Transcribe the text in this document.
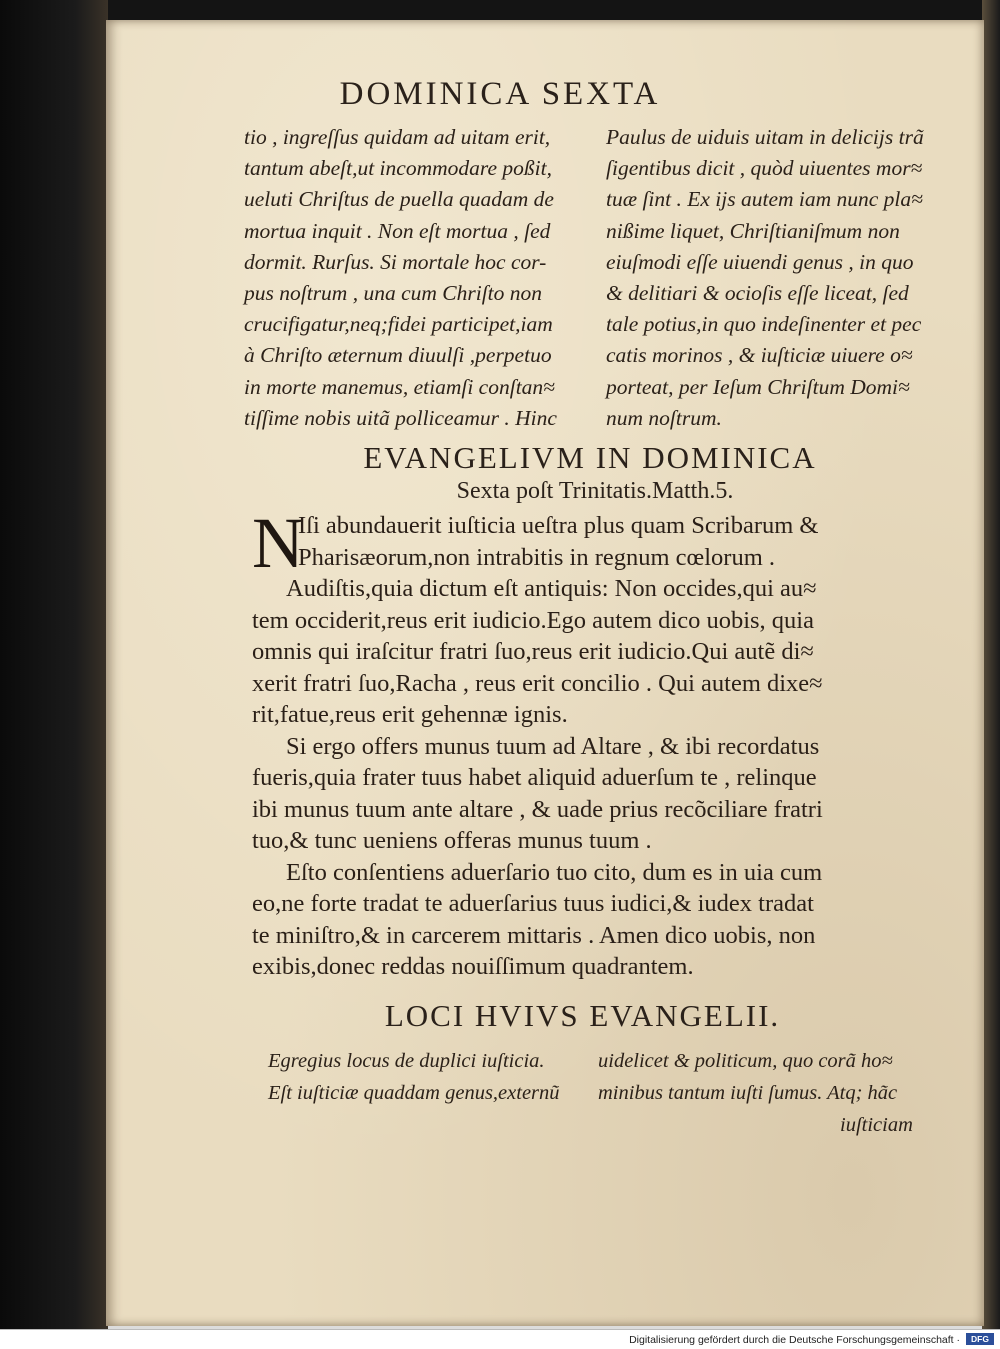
DOMINICA SEXTA
tio , ingreſſus quidam ad uitam erit,
tantum abeſt,ut incommodare poßit,
ueluti Chriſtus de puella quadam de
mortua inquit . Non eſt mortua , ſed
dormit. Rurſus. Si mortale hoc cor-
pus noſtrum , una cum Chriſto non
crucifigatur,neq;fidei participet,iam
à Chriſto æternum diuulſi ,perpetuo
in morte manemus, etiamſi conſtan≈
tiſſime nobis uitã polliceamur . Hinc
Paulus de uiduis uitam in delicijs trã
ſigentibus dicit , quòd uiuentes mor≈
tuæ ſint . Ex ijs autem iam nunc pla≈
nißime liquet, Chriſtianiſmum non
eiuſmodi eſſe uiuendi genus , in quo
& delitiari & ocioſis eſſe liceat, ſed
tale potius,in quo indeſinenter et pec
catis morinos , & iuſticiæ uiuere o≈
porteat, per Ieſum Chriſtum Domi≈
num noſtrum.
EVANGELIVM IN DOMINICA
Sexta poſt Trinitatis.Matth.5.
N
Iſi abundauerit iuſticia ueſtra plus quam Scribarum &
Pharisæorum,non intrabitis in regnum cœlorum .
Audiſtis,quia dictum eſt antiquis: Non occides,qui au≈
tem occiderit,reus erit iudicio.Ego autem dico uobis, quia
omnis qui iraſcitur fratri ſuo,reus erit iudicio.Qui autẽ di≈
xerit fratri ſuo,Racha , reus erit concilio . Qui autem dixe≈
rit,fatue,reus erit gehennæ ignis.
Si ergo offers munus tuum ad Altare , & ibi recordatus
fueris,quia frater tuus habet aliquid aduerſum te , relinque
ibi munus tuum ante altare , & uade prius recõciliare fratri
tuo,& tunc ueniens offeras munus tuum .
Eſto conſentiens aduerſario tuo cito, dum es in uia cum
eo,ne forte tradat te aduerſarius tuus iudici,& iudex tradat
te miniſtro,& in carcerem mittaris . Amen dico uobis, non
exibis,donec reddas nouiſſimum quadrantem.
LOCI HVIVS EVANGELII.
Egregius locus de duplici iuſticia.	uidelicet & politicum, quo corã ho≈
Eſt iuſticiæ quaddam genus,externũ minibus tantum iuſti ſumus. Atq; hãc
iuſticiam
Digitalisierung gefördert durch die Deutsche Forschungsgemeinschaft ·	DFG
